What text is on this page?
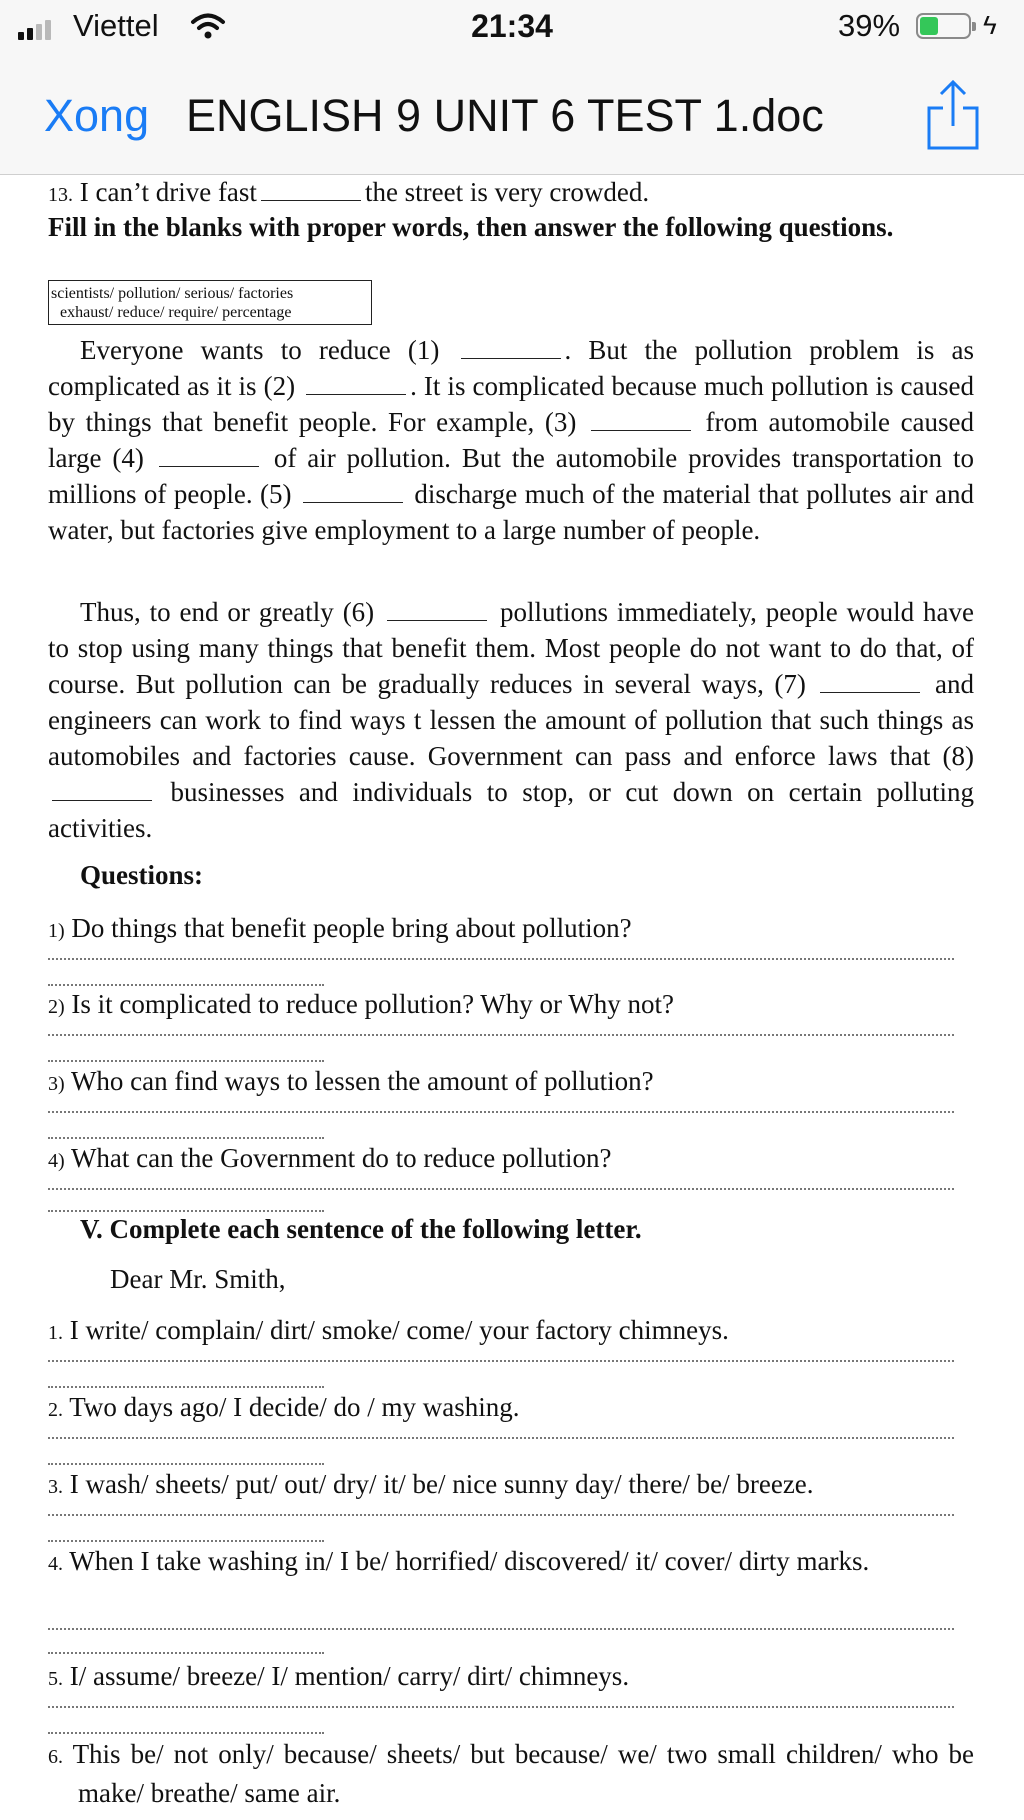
Viettel	21:34	39%	ϟ
Xong ENGLISH 9 UNIT 6 TEST 1.doc

13. I can’t drive fast	the street is very crowded.

Fill in the blanks with proper words, then answer the following questions.
scientists/ pollution/ serious/ factories
exhaust/ reduce/ require/ percentage

Everyone wants to reduce (1)	. But the pollution problem is as complicated as it is (2)	. It is complicated because much pollution is caused by things that benefit people. For example, (3)	from automobile caused large (4)	of air pollution. But the automobile provides transportation to millions of people. (5)	discharge much of the material that pollutes air and water, but factories give employment to a large number of people.

Thus, to end or greatly (6)	pollutions immediately, people would have to stop using many things that benefit them. Most people do not want to do that, of course. But pollution can be gradually reduces in several ways, (7)	and engineers can work to find ways t lessen the amount of pollution that such things as automobiles and factories cause. Government can pass and enforce laws that (8)  businesses and individuals to stop, or cut down on certain polluting activities.

Questions:
1) Do things that benefit people bring about pollution?
2) Is it complicated to reduce pollution? Why or Why not?
3) Who can find ways to lessen the amount of pollution?
4) What can the Government do to reduce pollution?
V. Complete each sentence of the following letter.
Dear Mr. Smith,
1. I write/ complain/ dirt/ smoke/ come/ your factory chimneys.
2. Two days ago/ I decide/ do / my washing.
3. I wash/ sheets/ put/ out/ dry/ it/ be/ nice sunny day/ there/ be/ breeze.
4. When I take washing in/ I be/ horrified/ discovered/ it/ cover/ dirty marks.
5. I/ assume/ breeze/ I/ mention/ carry/ dirt/ chimneys.
6. This be/ not only/ because/ sheets/ but because/ we/ two small children/ who be make/ breathe/ same air.
